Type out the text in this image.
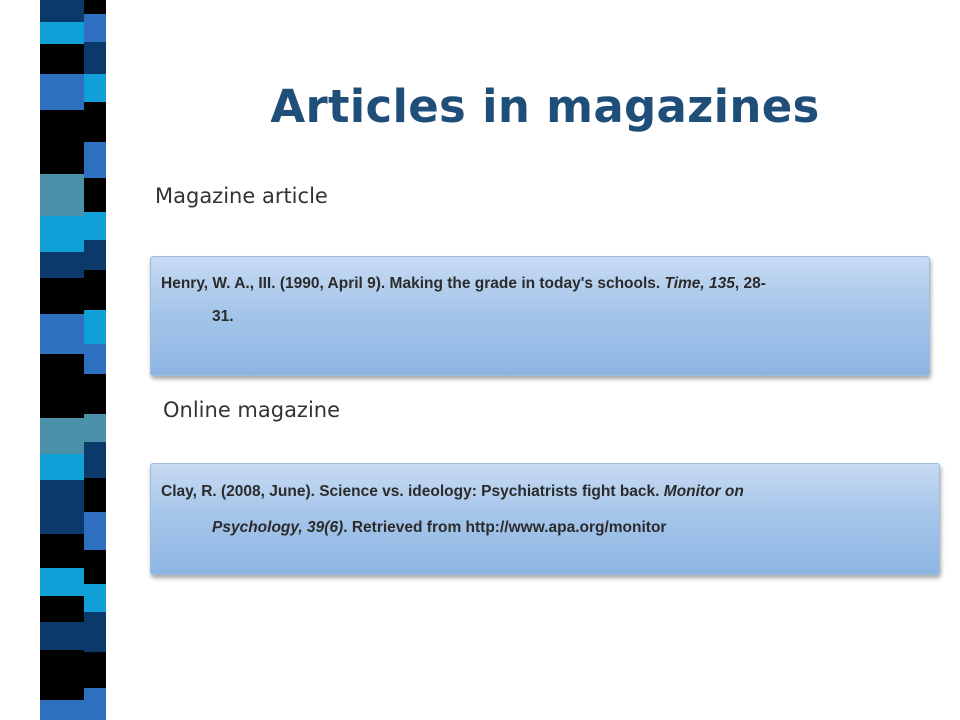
Articles in magazines
Magazine article
Henry, W. A., III. (1990, April 9). Making the grade in today's schools. Time, 135, 28-
31.
Online magazine
Clay, R. (2008, June). Science vs. ideology: Psychiatrists fight back. Monitor on
Psychology, 39(6). Retrieved from http://www.apa.org/monitor
